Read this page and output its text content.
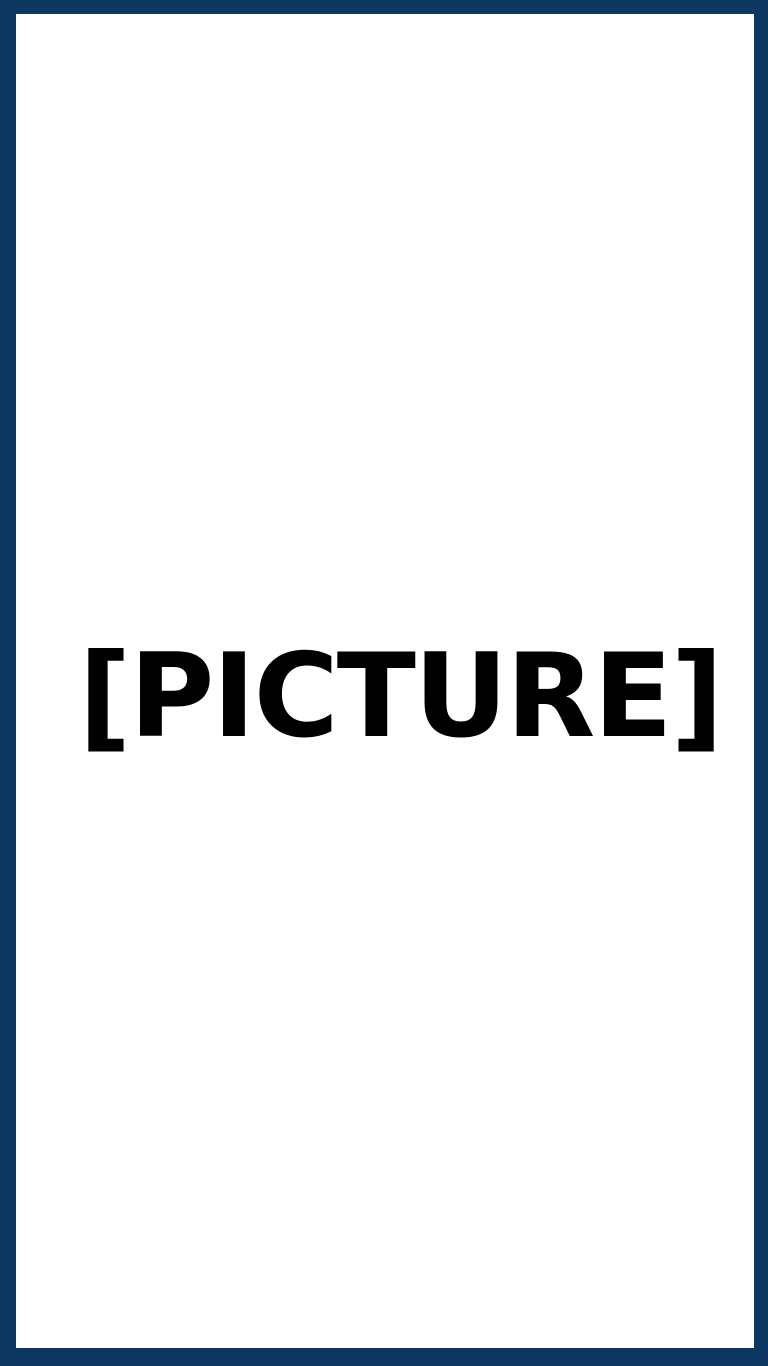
[PICTURE]
